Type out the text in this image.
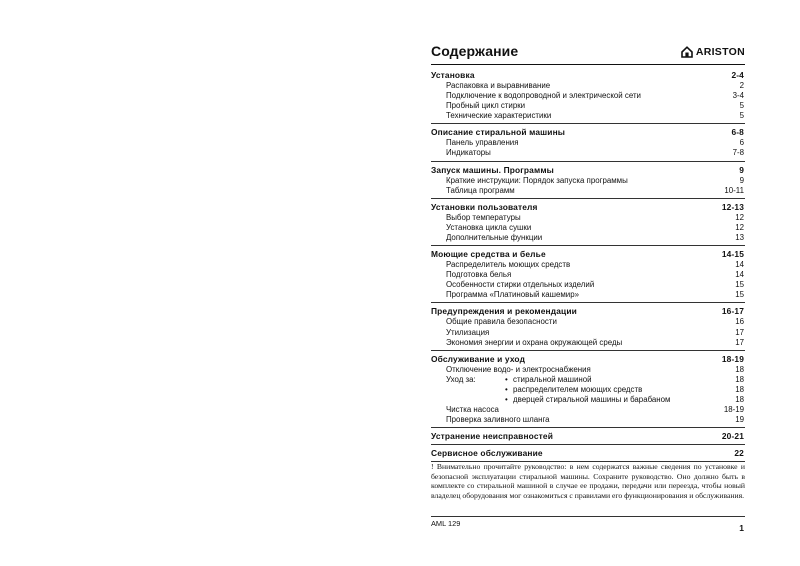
Содержание	ARISTON
Установка	2-4
Распаковка и выравнивание	2
Подключение к водопроводной и электрической сети	3-4
Пробный цикл стирки	5
Технические характеристики	5
Описание стиральной машины	6-8
Панель управления	6
Индикаторы	7-8
Запуск машины. Программы	9
Краткие инструкции: Порядок запуска программы	9
Таблица программ	10-11
Установки пользователя	12-13
Выбор температуры	12
Установка цикла сушки	12
Дополнительные функции	13
Моющие средства и белье	14-15
Распределитель моющих средств	14
Подготовка белья	14
Особенности стирки отдельных изделий	15
Программа «Платиновый кашемир»	15
Предупреждения и рекомендации	16-17
Общие правила безопасности	16
Утилизация	17
Экономия энергии и охрана окружающей среды	17
Обслуживание и уход	18-19
Отключение водо- и электроснабжения	18
Уход за:	• стиральной машиной	18
• распределителем моющих средств	18
• дверцей стиральной машины и барабаном	18
Чистка насоса	18-19
Проверка заливного шланга	19
Устранение неисправностей	20-21
Сервисное обслуживание	22

! Внимательно прочитайте руководство: в нем содержатся важные сведения по установке и безопасной эксплуатации стиральной машины. Сохраните руководство. Оно должно быть в комплекте со стиральной машиной в случае ее продажи, передачи или переезда, чтобы новый владелец оборудования мог ознакомиться с правилами его функционирования и обслуживания.

AML 129	1
